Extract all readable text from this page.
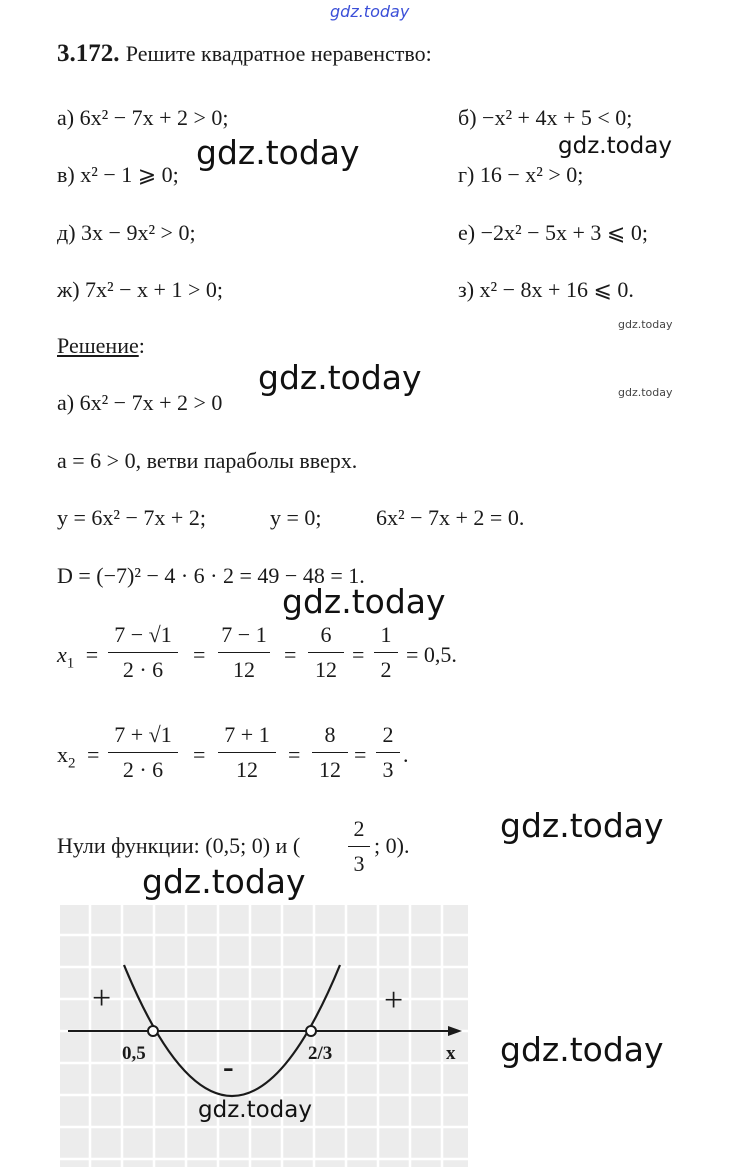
gdz.today
3.172. Решите квадратное неравенство:
а) 6x² − 7x + 2 > 0;	б) −x² + 4x + 5 < 0;
в) x² − 1 ⩾ 0;	г) 16 − x² > 0;
д) 3x − 9x² > 0;	е) −2x² − 5x + 3 ⩽ 0;
ж) 7x² − x + 1 > 0;	з) x² − 8x + 16 ⩽ 0.
Решение:
а) 6x² − 7x + 2 > 0
a = 6 > 0, ветви параболы вверх.
y = 6x² − 7x + 2;	y = 0; 6x² − 7x + 2 = 0.
D = (−7)² − 4 · 6 · 2 = 49 − 48 = 1.
$x_1$ =
7 − √1
2 · 6
=
7 − 1
12
=
6
12
=
1
2
= 0,5.
$x_2$ =
7 + √1
2 · 6
=
7 + 1
12
=
8
12
=
2
3
.
Нули функции: (0,5; 0) и (
2
3
; 0).
+	+
-
0,5	2/3	x
gdz.today
gdz.today
gdz.today
gdz.today	gdz.today
gdz.today
gdz.today
gdz.today
gdz.today
gdz.today
